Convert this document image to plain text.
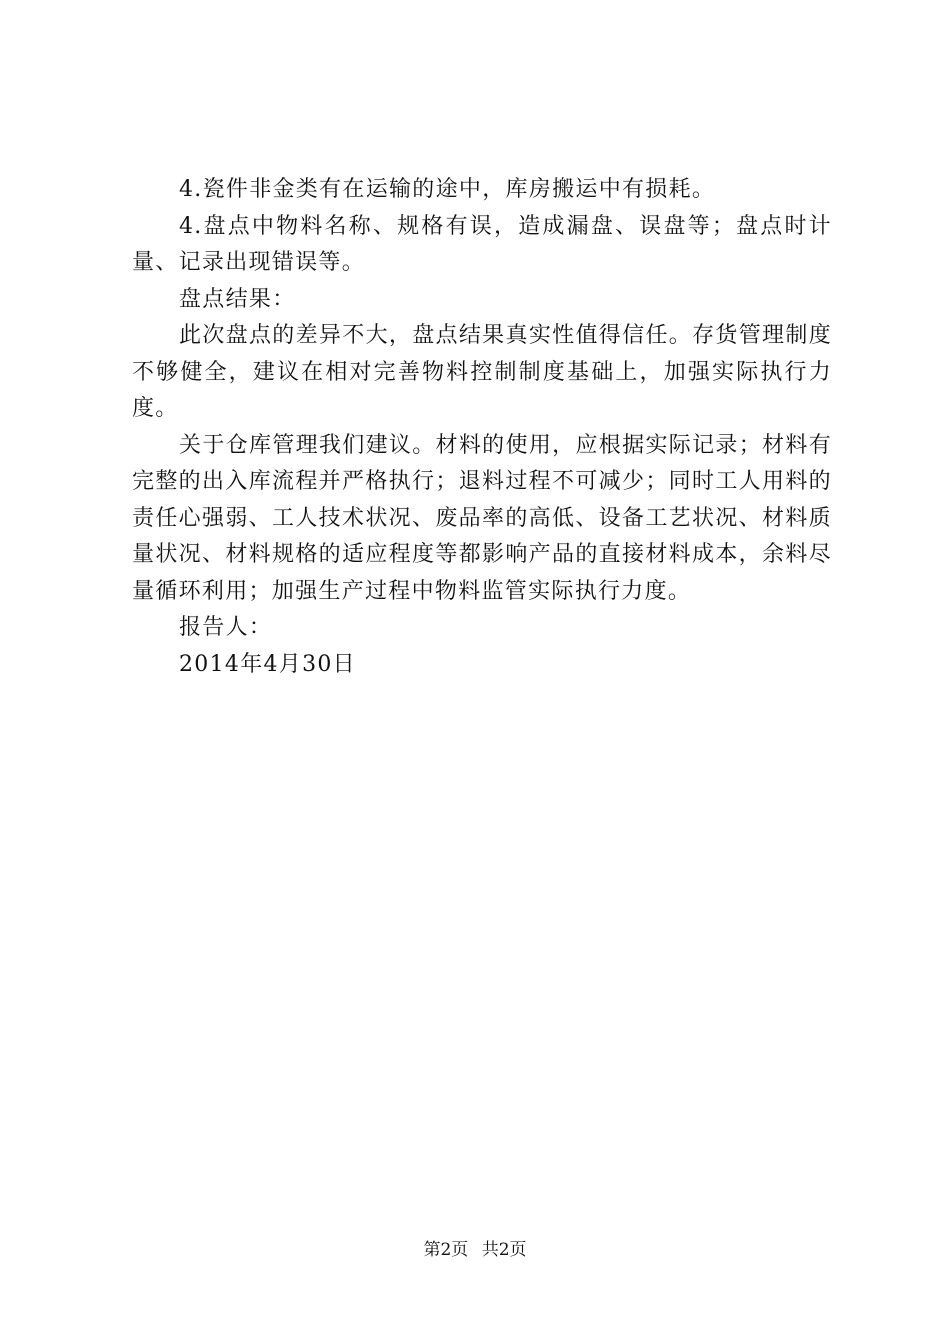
4.瓷件非金类有在运输的途中，库房搬运中有损耗。

4.盘点中物料名称、规格有误，造成漏盘、误盘等；盘点时计量、记录出现错误等。

盘点结果：

此次盘点的差异不大，盘点结果真实性值得信任。存货管理制度不够健全，建议在相对完善物料控制制度基础上，加强实际执行力度。

关于仓库管理我们建议。材料的使用，应根据实际记录；材料有完整的出入库流程并严格执行；退料过程不可减少；同时工人用料的责任心强弱、工人技术状况、废品率的高低、设备工艺状况、材料质量状况、材料规格的适应程度等都影响产品的直接材料成本，余料尽量循环利用；加强生产过程中物料监管实际执行力度。

报告人：

2014年4月30日

第2页 共2页
